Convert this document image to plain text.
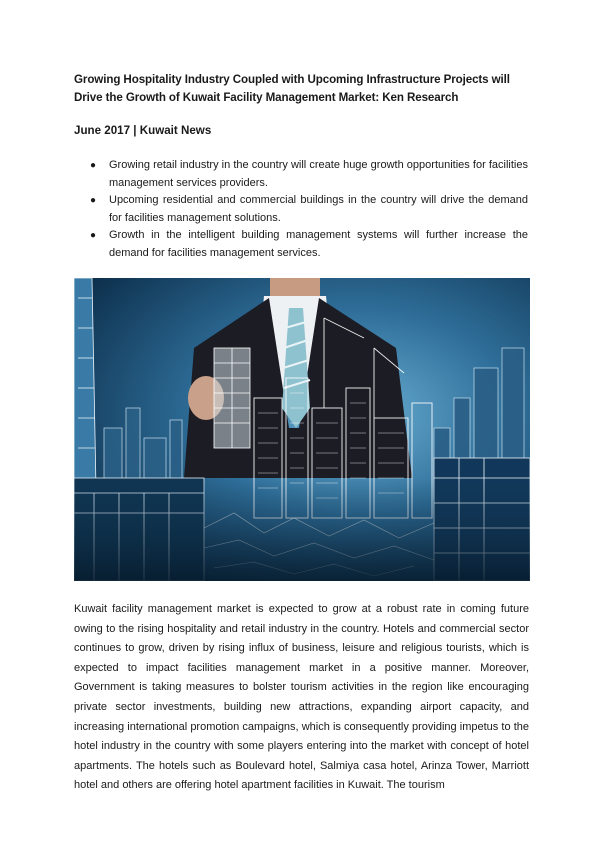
Growing Hospitality Industry Coupled with Upcoming Infrastructure Projects will Drive the Growth of Kuwait Facility Management Market: Ken Research

June 2017 | Kuwait News

● Growing retail industry in the country will create huge growth opportunities for facilities management services providers.
● Upcoming residential and commercial buildings in the country will drive the demand for facilities management solutions.
● Growth in the intelligent building management systems will further increase the demand for facilities management services.

Kuwait facility management market is expected to grow at a robust rate in coming future owing to the rising hospitality and retail industry in the country. Hotels and commercial sector continues to grow, driven by rising influx of business, leisure and religious tourists, which is expected to impact facilities management market in a positive manner. Moreover, Government is taking measures to bolster tourism activities in the region like encouraging private sector investments, building new attractions, expanding airport capacity, and increasing international promotion campaigns, which is consequently providing impetus to the hotel industry in the country with some players entering into the market with concept of hotel apartments. The hotels such as Boulevard hotel, Salmiya casa hotel, Arinza Tower, Marriott hotel and others are offering hotel apartment facilities in Kuwait. The tourism
